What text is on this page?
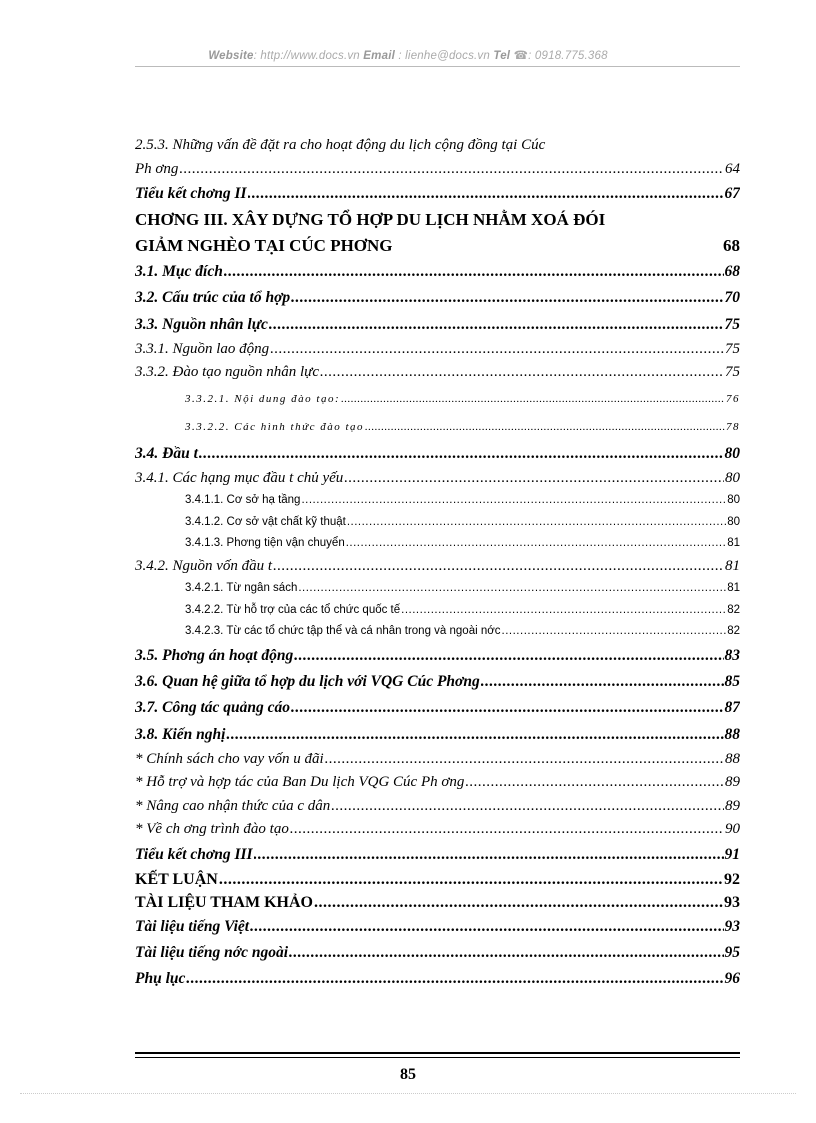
Website: http://www.docs.vn Email : lienhe@docs.vn Tel ☎: 0918.775.368
2.5.3. Những vấn đề đặt ra cho hoạt động du lịch cộng đồng tại Cúc
Ph ơng .....	64
Tiểu kết chơng II .....	67
CHƠNG III. XÂY DỰNG TỔ HỢP DU LỊCH NHẰM XOÁ ĐÓI
GIẢM NGHÈO TẠI CÚC PHƠNG	68
3.1. Mục đích .....	68
3.2. Cấu trúc của tổ hợp .....	70
3.3. Nguồn nhân lực .....	75
3.3.1. Nguồn lao động .....	75
3.3.2. Đào tạo nguồn nhân lực .....	75
3.3.2.1. Nội dung đào tạo: .....	76
3.3.2.2. Các hình thức đào tạo .....	78
3.4. Đầu t .....	80
3.4.1. Các hạng mục đầu t chủ yếu .....	80
3.4.1.1. Cơ sở hạ tầng .....	80
3.4.1.2. Cơ sở vật chất kỹ thuật .....	80
3.4.1.3. Phơng tiện vận chuyển .....	81
3.4.2. Nguồn vốn đầu t .....	81
3.4.2.1. Từ ngân sách .....	81
3.4.2.2. Từ hỗ trợ của các tổ chức quốc tế .....	82
3.4.2.3. Từ các tổ chức tập thể và cá nhân trong và ngoài nớc .....	82
3.5. Phơng án hoạt động .....	83
3.6. Quan hệ giữa tổ hợp du lịch với VQG Cúc Phơng .....	85
3.7. Công tác quảng cáo .....	87
3.8. Kiến nghị .....	88
* Chính sách cho vay vốn u đãi .....	88
* Hỗ trợ và hợp tác của Ban Du lịch VQG Cúc Ph ơng .....	89
* Nâng cao nhận thức của c dân .....	89
* Về ch ơng trình đào tạo .....	90
Tiểu kết chơng III .....	91
KẾT LUẬN .....	92
TÀI LIỆU THAM KHẢO .....	93
Tài liệu tiếng Việt .....	93
Tài liệu tiếng nớc ngoài .....	95
Phụ lục .....	96
85
